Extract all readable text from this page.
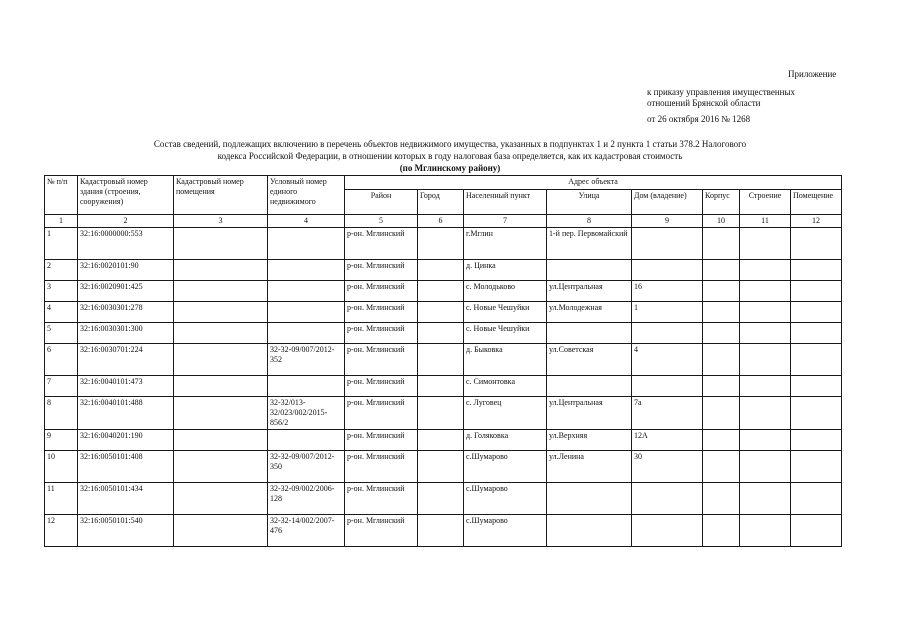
Приложение
к приказу управления имущественных
отношений Брянской области
от 26 октября 2016 № 1268
Состав сведений, подлежащих включению в перечень объектов недвижимого имущества, указанных в подпунктах 1 и 2 пункта 1 статьи 378.2 Налогового
кодекса Российской Федерации, в отношении которых в году налоговая база определяется, как их кадастровая стоимость
(по Мглинскому району)
№ п/п	Кадастровый номер здания (строения, сооружения)	Кадастровый номер помещения	Условный номер единого недвижимого	Адрес объекта							
				Район	Город	Населенный пункт	Улица	Дом (владение)	Корпус	Строение	Помещение
1	2	3	4	5	6	7	8	9	10	11	12
1	32:16:0000000:553			р-он. Мглинский		г.Мглин	1-й пер. Первомайский				
2	32:16:0020101:90			р-он. Мглинский		д. Цинка					
3	32:16:0020901:425			р-он. Мглинский		с. Молодьково	ул.Центральная	16			
4	32:16:0030301:278			р-он. Мглинский		с. Новые Чешуйки	ул.Молодежная	1			
5	32:16:0030301:300			р-он. Мглинский		с. Новые Чешуйки					
6	32:16:0030701:224		32-32-09/007/2012-352	р-он. Мглинский		д. Быковка	ул.Советская	4			
7	32:16:0040101:473			р-он. Мглинский		с. Симонтовка					
8	32:16:0040101:488		32-32/013-32/023/002/2015-856/2	р-он. Мглинский		с. Луговец	ул.Центральная	7а			
9	32:16:0040201:190			р-он. Мглинский		д. Голяковка	ул.Верхняя	12А			
10	32:16:0050101:408		32-32-09/007/2012-350	р-он. Мглинский		с.Шумарово	ул.Ленина	30			
11	32:16:0050101:434		32-32-09/002/2006-128	р-он. Мглинский		с.Шумарово					
12	32:16:0050101:540		32-32-14/002/2007-476	р-он. Мглинский		с.Шумарово					
